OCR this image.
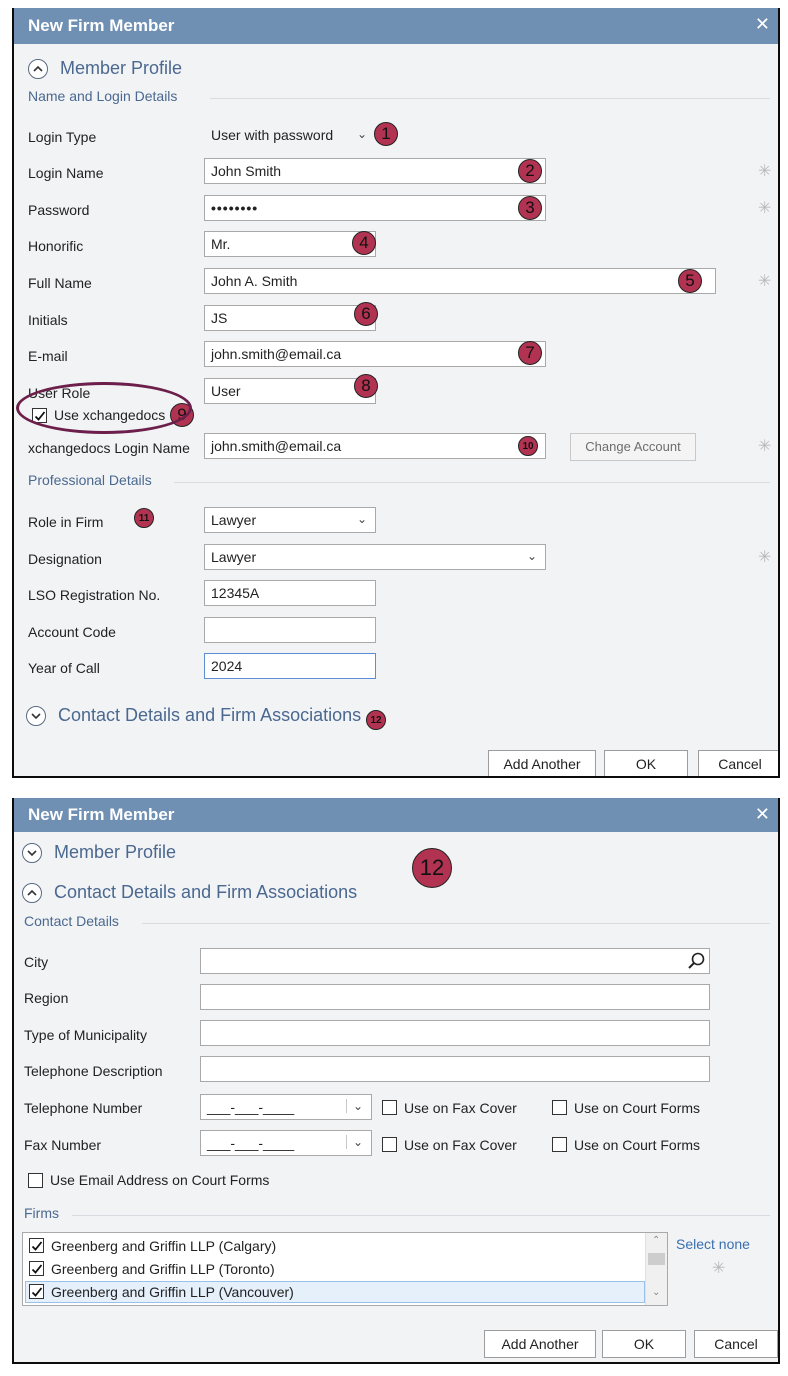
New Firm Member	✕
Member Profile
Name and Login Details
Login Type	User with password ⌄ 1
Login Name	John Smith	2	✳
Password	••••••••	3	✳
Honorific	Mr.	4
Full Name	John A. Smith	5	✳
Initials	JS	6
E-mail	john.smith@email.ca	7
User Role	User	8
Use xchangedocs 9
xchangedocs Login Name	john.smith@email.ca	10	Change Account	✳
Professional Details
Role in Firm	11	Lawyer	⌄
Designation	Lawyer	⌄	✳
LSO Registration No.	12345A
Account Code
Year of Call	2024
Contact Details and Firm Associations 12
Add Another	OK	Cancel
New Firm Member	✕
Member Profile
12
Contact Details and Firm Associations
Contact Details
City
Region
Type of Municipality
Telephone Description
Telephone Number	___-___-____	⌄	Use on Fax Cover	Use on Court Forms
Fax Number	___-___-____	⌄	Use on Fax Cover	Use on Court Forms
Use Email Address on Court Forms
Firms
Greenberg and Griffin LLP (Calgary)
Greenberg and Griffin LLP (Toronto)
Greenberg and Griffin LLP (Vancouver)
⌃
⌄
Select none
✳
Add Another	OK	Cancel
